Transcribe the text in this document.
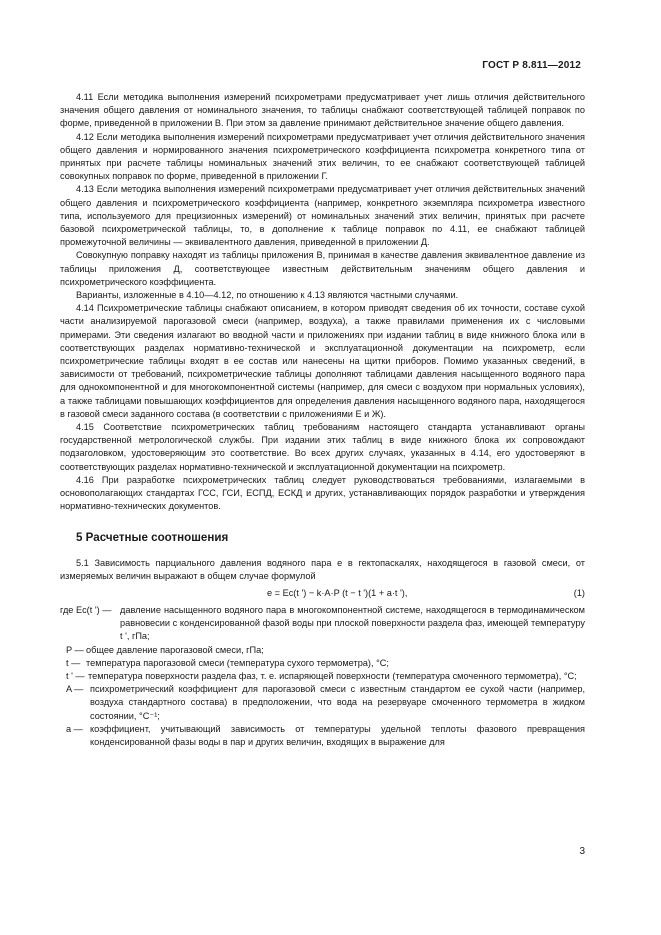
ГОСТ Р 8.811—2012

4.11 Если методика выполнения измерений психрометрами предусматривает учет лишь отличия действительного значения общего давления от номинального значения, то таблицы снабжают соответствующей таблицей поправок по форме, приведенной в приложении В. При этом за давление принимают действительное значение общего давления.

4.12 Если методика выполнения измерений психрометрами предусматривает учет отличия действительного значения общего давления и нормированного значения психрометрического коэффициента психрометра конкретного типа от принятых при расчете таблицы номинальных значений этих величин, то ее снабжают соответствующей таблицей совокупных поправок по форме, приведенной в приложении Г.

4.13 Если методика выполнения измерений психрометрами предусматривает учет отличия действительных значений общего давления и психрометрического коэффициента (например, конкретного экземпляра психрометра известного типа, используемого для прецизионных измерений) от номинальных значений этих величин, принятых при расчете базовой психрометрической таблицы, то, в дополнение к таблице поправок по 4.11, ее снабжают таблицей промежуточной величины — эквивалентного давления, приведенной в приложении Д.

Совокупную поправку находят из таблицы приложения В, принимая в качестве давления эквивалентное давление из таблицы приложения Д, соответствующее известным действительным значениям общего давления и психрометрического коэффициента.

Варианты, изложенные в 4.10—4.12, по отношению к 4.13 являются частными случаями.

4.14 Психрометрические таблицы снабжают описанием, в котором приводят сведения об их точности, составе сухой части анализируемой парогазовой смеси (например, воздуха), а также правилами применения их с числовыми примерами. Эти сведения излагают во вводной части и приложениях при издании таблиц в виде книжного блока или в соответствующих разделах нормативно-технической и эксплуатационной документации на психрометр, если психрометрические таблицы входят в ее состав или нанесены на щитки приборов. Помимо указанных сведений, в зависимости от требований, психрометрические таблицы дополняют таблицами давления насыщенного водяного пара для однокомпонентной и для многокомпонентной системы (например, для смеси с воздухом при нормальных условиях), а также таблицами повышающих коэффициентов для определения давления насыщенного водяного пара, находящегося в газовой смеси заданного состава (в соответствии с приложениями Е и Ж).

4.15 Соответствие психрометрических таблиц требованиям настоящего стандарта устанавливают органы государственной метрологической службы. При издании этих таблиц в виде книжного блока их сопровождают подзаголовком, удостоверяющим это соответствие. Во всех других случаях, указанных в 4.14, его удостоверяют в соответствующих разделах нормативно-технической и эксплуатационной документации на психрометр.

4.16 При разработке психрометрических таблиц следует руководствоваться требованиями, излагаемыми в основополагающих стандартах ГСС, ГСИ, ЕСПД, ЕСКД и других, устанавливающих порядок разработки и утверждения нормативно-технических документов.

5 Расчетные соотношения

5.1 Зависимость парциального давления водяного пара e в гектопаскалях, находящегося в газовой смеси, от измеряемых величин выражают в общем случае формулой

e = Ec(t ') − k·A·P (t − t ')(1 + a·t '),	(1)
где Ec(t ') — давление насыщенного водяного пара в многокомпонентной системе, находящегося в термодинамическом равновесии с конденсированной фазой воды при плоской поверхности раздела фаз, имеющей температуру t ', гПа;
P — общее давление парогазовой смеси, гПа;
t — температура парогазовой смеси (температура сухого термометра), °С;
t ' — температура поверхности раздела фаз, т. е. испаряющей поверхности (температура смоченного термометра), °С;
A — психрометрический коэффициент для парогазовой смеси с известным стандартом ее сухой части (например, воздуха стандартного состава) в предположении, что вода на резервуаре смоченного термометра в жидком состоянии, °С⁻¹;
a — коэффициент, учитывающий зависимость от температуры удельной теплоты фазового превращения конденсированной фазы воды в пар и других величин, входящих в выражение для
3
